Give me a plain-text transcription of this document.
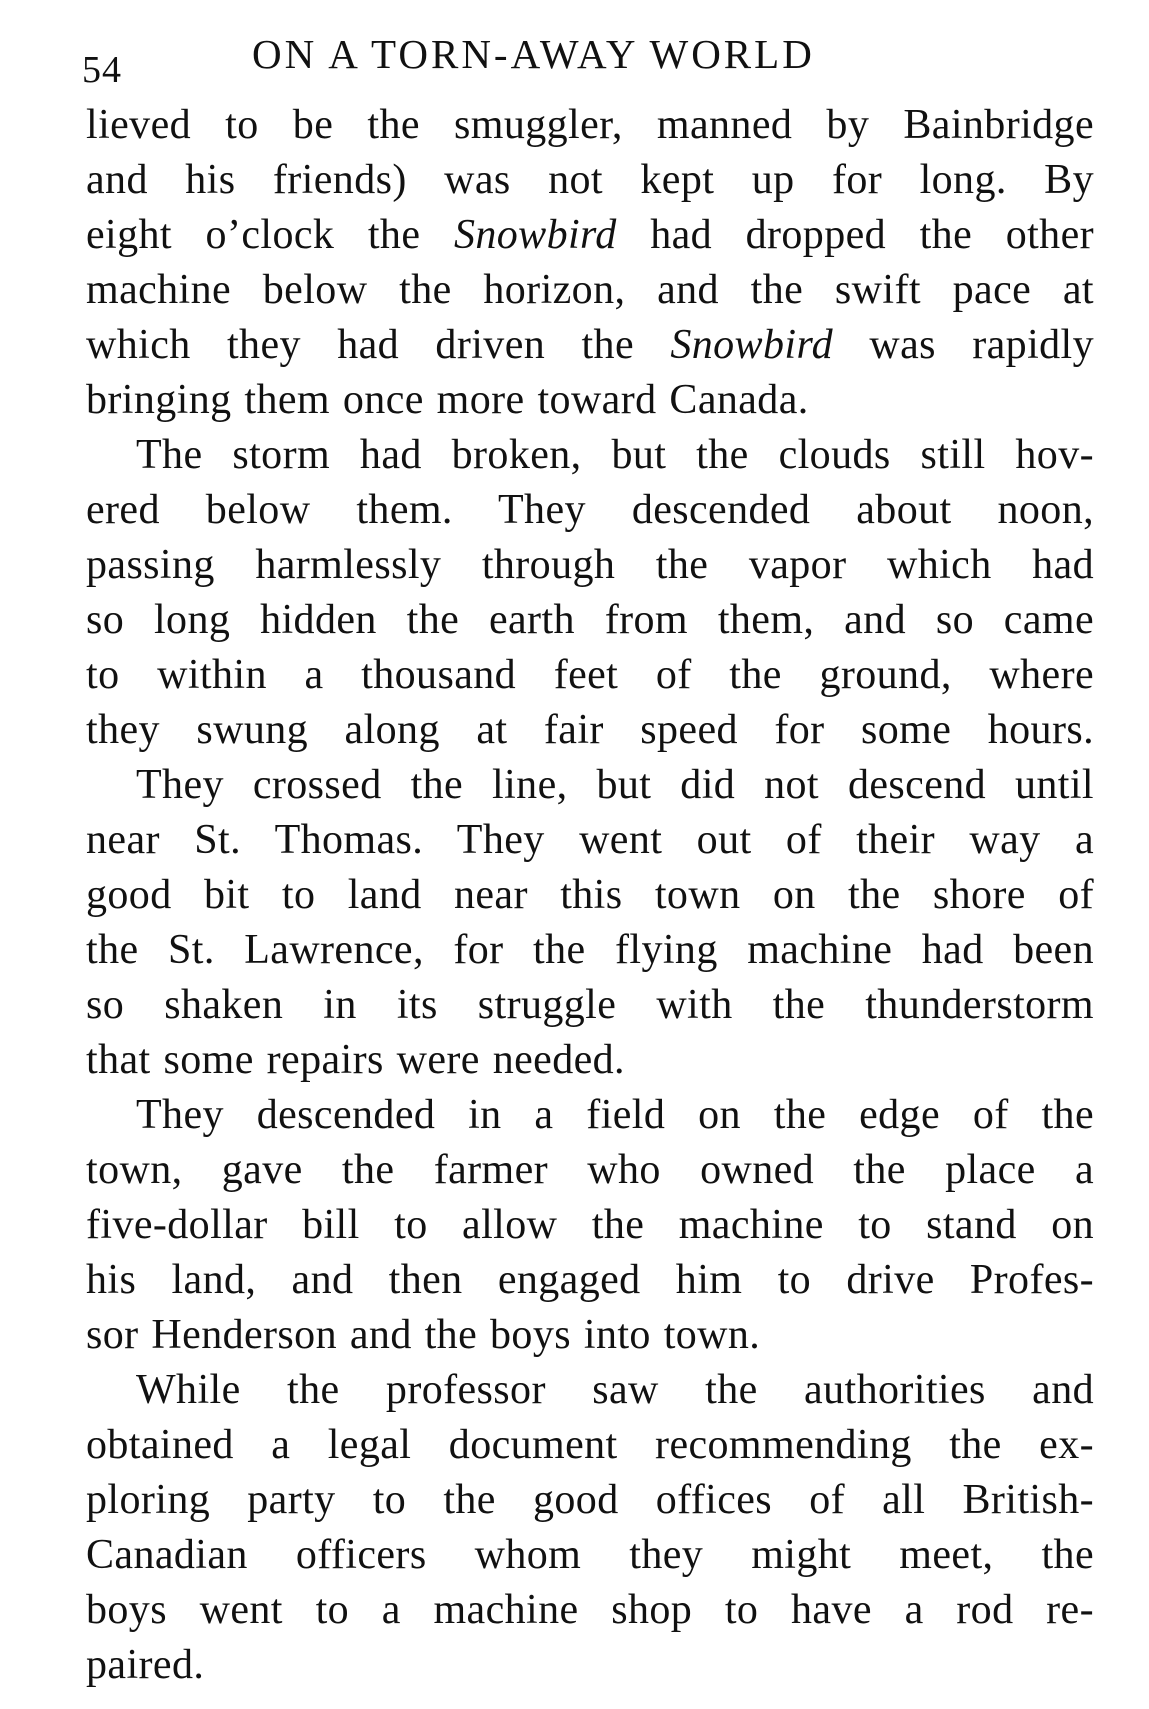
54	ON A TORN-AWAY WORLD
lieved to be the smuggler, manned by Bainbridge
and his friends) was not kept up for long. By
eight o’clock the Snowbird had dropped the other
machine below the horizon, and the swift pace at
which they had driven the Snowbird was rapidly
bringing them once more toward Canada.
The storm had broken, but the clouds still hov-
ered below them. They descended about noon,
passing harmlessly through the vapor which had
so long hidden the earth from them, and so came
to within a thousand feet of the ground, where
they swung along at fair speed for some hours.
They crossed the line, but did not descend until
near St. Thomas. They went out of their way a
good bit to land near this town on the shore of
the St. Lawrence, for the flying machine had been
so shaken in its struggle with the thunderstorm
that some repairs were needed.
They descended in a field on the edge of the
town, gave the farmer who owned the place a
five-dollar bill to allow the machine to stand on
his land, and then engaged him to drive Profes-
sor Henderson and the boys into town.
While the professor saw the authorities and
obtained a legal document recommending the ex-
ploring party to the good offices of all British-
Canadian officers whom they might meet, the
boys went to a machine shop to have a rod re-
paired.
